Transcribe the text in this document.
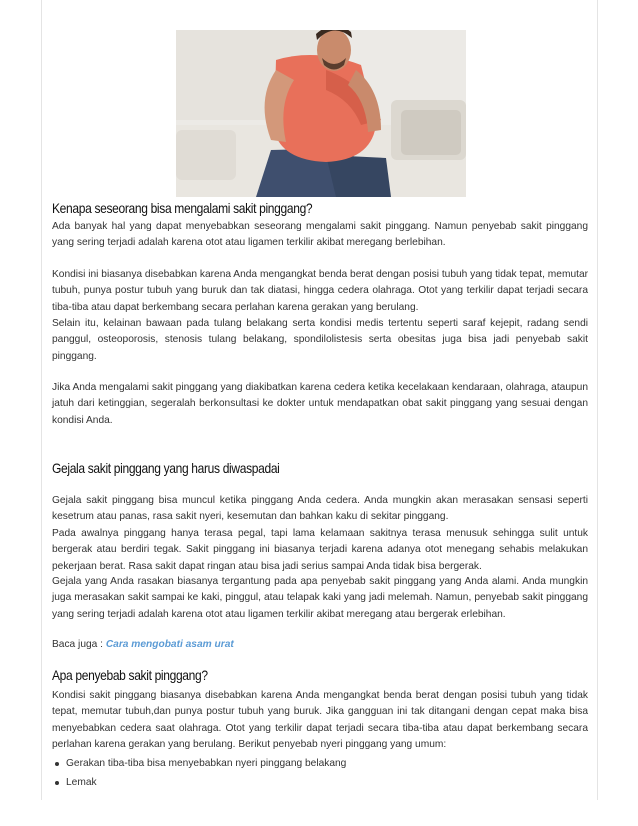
Kenapa seseorang bisa mengalami sakit pinggang?

Ada banyak hal yang dapat menyebabkan seseorang mengalami sakit pinggang. Namun penyebab sakit pinggang yang sering terjadi adalah karena otot atau ligamen terkilir akibat meregang berlebihan.

Kondisi ini biasanya disebabkan karena Anda mengangkat benda berat dengan posisi tubuh yang tidak tepat, memutar tubuh, punya postur tubuh yang buruk dan tak diatasi, hingga cedera olahraga. Otot yang terkilir dapat terjadi secara tiba-tiba atau dapat berkembang secara perlahan karena gerakan yang berulang.

Selain itu, kelainan bawaan pada tulang belakang serta kondisi medis tertentu seperti saraf kejepit, radang sendi panggul, osteoporosis, stenosis tulang belakang, spondilolistesis serta obesitas juga bisa jadi penyebab sakit pinggang.

Jika Anda mengalami sakit pinggang yang diakibatkan karena cedera ketika kecelakaan kendaraan, olahraga, ataupun jatuh dari ketinggian, segeralah berkonsultasi ke dokter untuk mendapatkan obat sakit pinggang yang sesuai dengan kondisi Anda.

Gejala sakit pinggang yang harus diwaspadai

Gejala sakit pinggang bisa muncul ketika pinggang Anda cedera. Anda mungkin akan merasakan sensasi seperti kesetrum atau panas, rasa sakit nyeri, kesemutan dan bahkan kaku di sekitar pinggang.

Pada awalnya pinggang hanya terasa pegal, tapi lama kelamaan sakitnya terasa menusuk sehingga sulit untuk bergerak atau berdiri tegak. Sakit pinggang ini biasanya terjadi karena adanya otot menegang sehabis melakukan pekerjaan berat. Rasa sakit dapat ringan atau bisa jadi serius sampai Anda tidak bisa bergerak.

Gejala yang Anda rasakan biasanya tergantung pada apa penyebab sakit pinggang yang Anda alami. Anda mungkin juga merasakan sakit sampai ke kaki, pinggul, atau telapak kaki yang jadi melemah. Namun, penyebab sakit pinggang yang sering terjadi adalah karena otot atau ligamen terkilir akibat meregang atau bergerak erlebihan.

Baca juga : Cara mengobati asam urat
Apa penyebab sakit pinggang?

Kondisi sakit pinggang biasanya disebabkan karena Anda mengangkat benda berat dengan posisi tubuh yang tidak tepat, memutar tubuh,dan punya postur tubuh yang buruk. Jika gangguan ini tak ditangani dengan cepat maka bisa menyebabkan cedera saat olahraga. Otot yang terkilir dapat terjadi secara tiba-tiba atau dapat berkembang secara perlahan karena gerakan yang berulang. Berikut penyebab nyeri pinggang yang umum:

Gerakan tiba-tiba bisa menyebabkan nyeri pinggang belakang
Lemak
